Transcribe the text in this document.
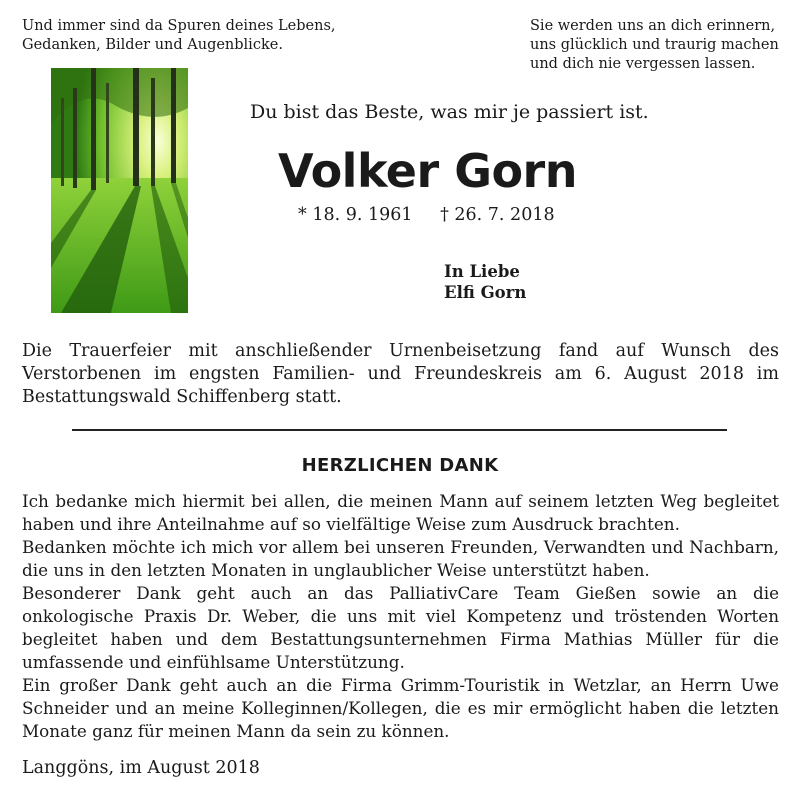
Und immer sind da Spuren deines Lebens,
Gedanken, Bilder und Augenblicke.
Sie werden uns an dich erinnern,
uns glücklich und traurig machen
und dich nie vergessen lassen.
Du bist das Beste, was mir je passiert ist.
Volker Gorn
* 18. 9. 1961 † 26. 7. 2018
In Liebe
Elfi Gorn
Die Trauerfeier mit anschließender Urnenbeisetzung fand auf Wunsch des Verstorbenen im engsten Familien- und Freundeskreis am 6. August 2018 im Bestattungswald Schiffenberg statt.
HERZLICHEN DANK

Ich bedanke mich hiermit bei allen, die meinen Mann auf seinem letzten Weg begleitet haben und ihre Anteilnahme auf so vielfältige Weise zum Ausdruck brachten.

Bedanken möchte ich mich vor allem bei unseren Freunden, Verwandten und Nachbarn, die uns in den letzten Monaten in unglaublicher Weise unterstützt haben.

Besonderer Dank geht auch an das PalliativCare Team Gießen sowie an die onkologische Praxis Dr. Weber, die uns mit viel Kompetenz und tröstenden Worten begleitet haben und dem Bestattungsunternehmen Firma Mathias Müller für die umfassende und einfühlsame Unterstützung.

Ein großer Dank geht auch an die Firma Grimm-Touristik in Wetzlar, an Herrn Uwe Schneider und an meine Kolleginnen/Kollegen, die es mir ermöglicht haben die letzten Monate ganz für meinen Mann da sein zu können.

Langgöns, im August 2018
